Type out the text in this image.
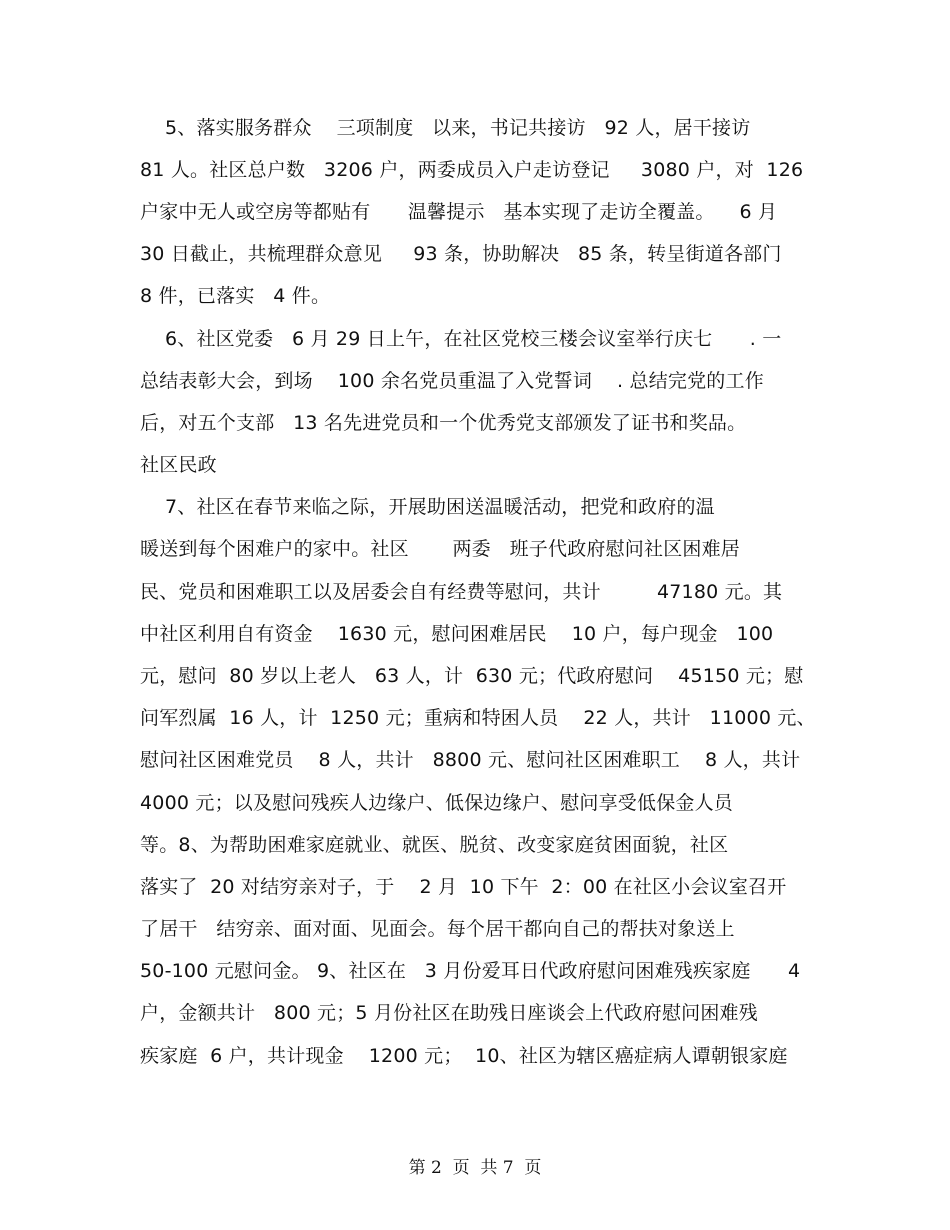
5、落实服务群众    三项制度   以来，书记共接访   92 人，居干接访
81 人。社区总户数   3206 户，两委成员入户走访登记     3080 户，对  126
户家中无人或空房等都贴有      温馨提示   基本实现了走访全覆盖。    6 月
30 日截止，共梳理群众意见     93 条，协助解决   85 条，转呈街道各部门
8 件，已落实   4 件。
6、社区党委   6 月 29 日上午，在社区党校三楼会议室举行庆七      . 一
总结表彰大会，到场    100 余名党员重温了入党誓词    . 总结完党的工作
后，对五个支部   13 名先进党员和一个优秀党支部颁发了证书和奖品。
社区民政
7、社区在春节来临之际，开展助困送温暖活动，把党和政府的温
暖送到每个困难户的家中。社区       两委   班子代政府慰问社区困难居
民、党员和困难职工以及居委会自有经费等慰问，共计         47180 元。其
中社区利用自有资金    1630 元，慰问困难居民    10 户，每户现金   100
元，慰问  80 岁以上老人   63 人，计  630 元；代政府慰问    45150 元；慰
问军烈属  16 人，计  1250 元；重病和特困人员    22 人，共计   11000 元、
慰问社区困难党员    8 人，共计   8800 元、慰问社区困难职工    8 人，共计
4000 元；以及慰问残疾人边缘户、低保边缘户、慰问享受低保金人员
等。8、为帮助困难家庭就业、就医、脱贫、改变家庭贫困面貌，社区
落实了  20 对结穷亲对子，于    2 月  10 下午  2：00 在社区小会议室召开
了居干   结穷亲、面对面、见面会。每个居干都向自己的帮扶对象送上
50-100 元慰问金。 9、社区在   3 月份爱耳日代政府慰问困难残疾家庭      4
户，金额共计   800 元；5 月份社区在助残日座谈会上代政府慰问困难残
疾家庭  6 户，共计现金    1200 元；  10、社区为辖区癌症病人谭朝银家庭
第 2  页  共 7  页
